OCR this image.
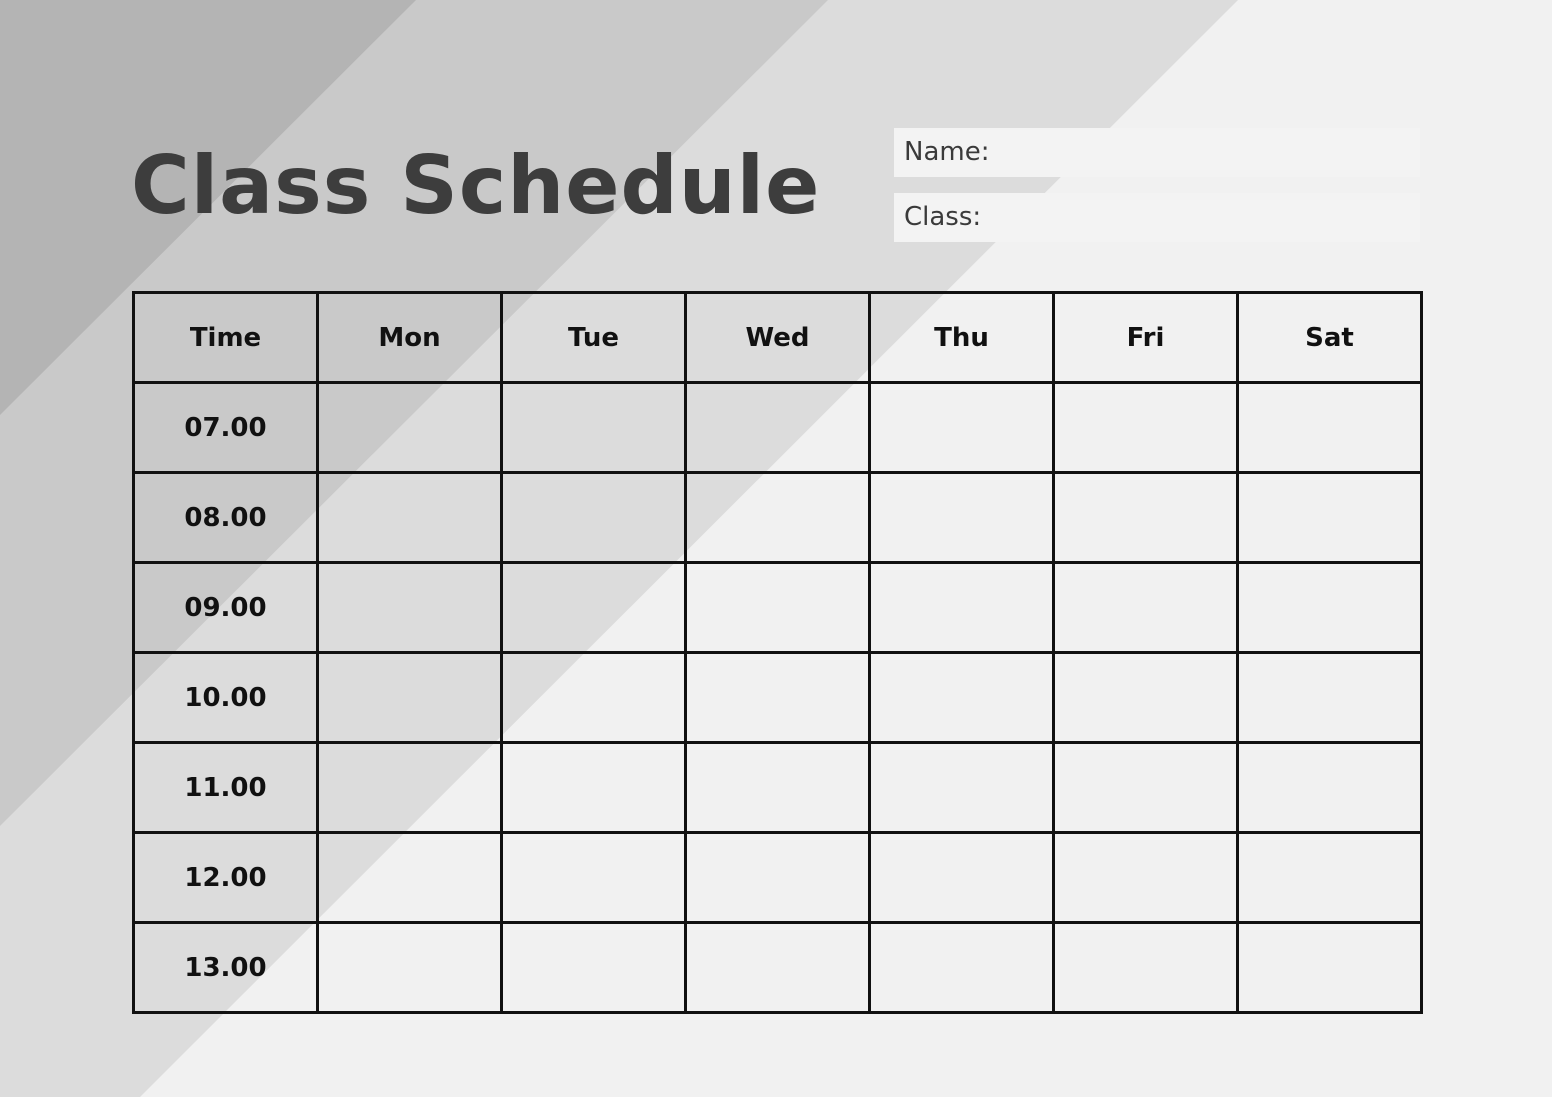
Class Schedule	Name:
Class:
Time	Mon	Tue	Wed	Thu	Fri	Sat
07.00						
08.00						
09.00						
10.00						
11.00						
12.00						
13.00						
